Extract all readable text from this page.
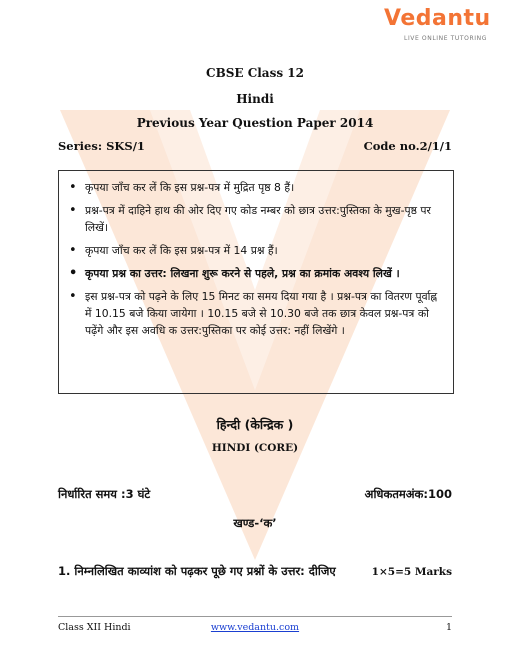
Vedantu
LIVE ONLINE TUTORING
CBSE Class 12
Hindi
Previous Year Question Paper 2014
Series: SKS/1	Code no.2/1/1
• कृपया जाँच कर लें कि इस प्रश्न-पत्र में मुद्रित पृष्ठ 8 हैं।
• प्रश्न-पत्र में दाहिने हाथ की ओर दिए गए कोड नम्बर को छात्र उत्तर:पुस्तिका के मुख-पृष्ठ पर लिखें।
• कृपया जाँच कर लें कि इस प्रश्न-पत्र में 14 प्रश्न हैं।
• कृपया प्रश्न का उत्तर: लिखना शुरू करने से पहले, प्रश्न का क्रमांक अवश्य लिखें ।
• इस प्रश्न-पत्र को पढ़ने के लिए 15 मिनट का समय दिया गया है । प्रश्न-पत्र का वितरण पूर्वाह्न में 10.15 बजे किया जायेगा । 10.15 बजे से 10.30 बजे तक छात्र केवल प्रश्न-पत्र को पढ़ेंगे और इस अवधि क उत्तर:पुस्तिका पर कोई उत्तर: नहीं लिखेंगे ।
हिन्दी (केन्द्रिक )
HINDI (CORE)
निर्धारित समय :3 घंटे	अधिकतमअंक:100
खण्ड-‘क’
1. निम्नलिखित काव्यांश को पढ़कर पूछे गए प्रश्नों के उत्तर: दीजिए	1×5=5 Marks
Class XII Hindi	www.vedantu.com	1
